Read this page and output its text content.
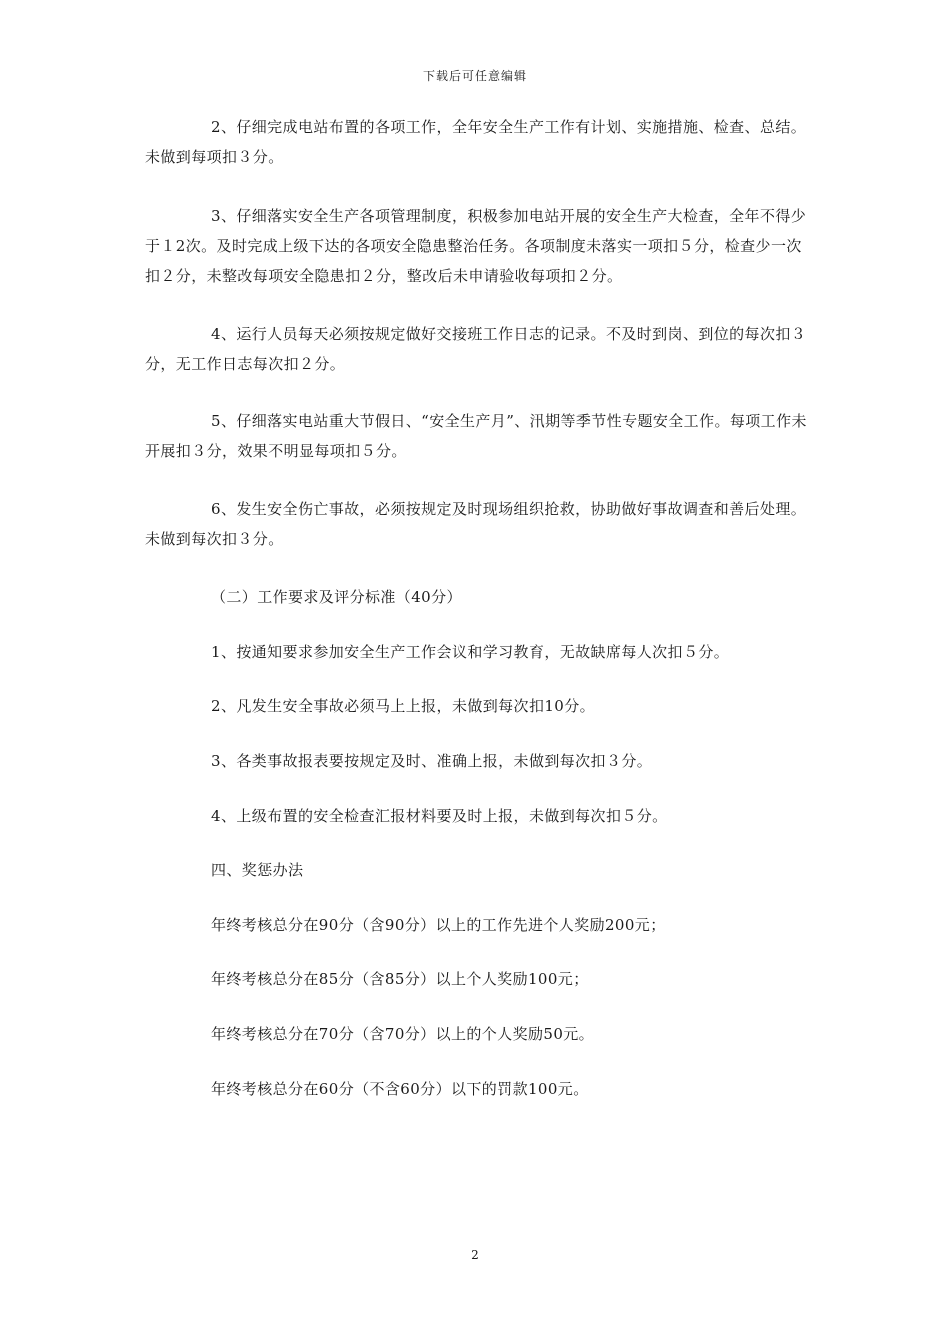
下载后可任意编辑

2、仔细完成电站布置的各项工作，全年安全生产工作有计划、实施措施、检查、总结。未做到每项扣３分。

3、仔细落实安全生产各项管理制度，积极参加电站开展的安全生产大检查，全年不得少于１2次。及时完成上级下达的各项安全隐患整治任务。各项制度未落实一项扣５分，检查少一次扣２分，未整改每项安全隐患扣２分，整改后未申请验收每项扣２分。

4、运行人员每天必须按规定做好交接班工作日志的记录。不及时到岗、到位的每次扣３分，无工作日志每次扣２分。

5、仔细落实电站重大节假日、“安全生产月”、汛期等季节性专题安全工作。每项工作未开展扣３分，效果不明显每项扣５分。

6、发生安全伤亡事故，必须按规定及时现场组织抢救，协助做好事故调查和善后处理。未做到每次扣３分。

（二）工作要求及评分标准（40分）

1、按通知要求参加安全生产工作会议和学习教育，无故缺席每人次扣５分。

2、凡发生安全事故必须马上上报，未做到每次扣10分。

3、各类事故报表要按规定及时、准确上报，未做到每次扣３分。

4、上级布置的安全检查汇报材料要及时上报，未做到每次扣５分。

四、奖惩办法

年终考核总分在90分（含90分）以上的工作先进个人奖励200元；

年终考核总分在85分（含85分）以上个人奖励100元；

年终考核总分在70分（含70分）以上的个人奖励50元。

年终考核总分在60分（不含60分）以下的罚款100元。

2
